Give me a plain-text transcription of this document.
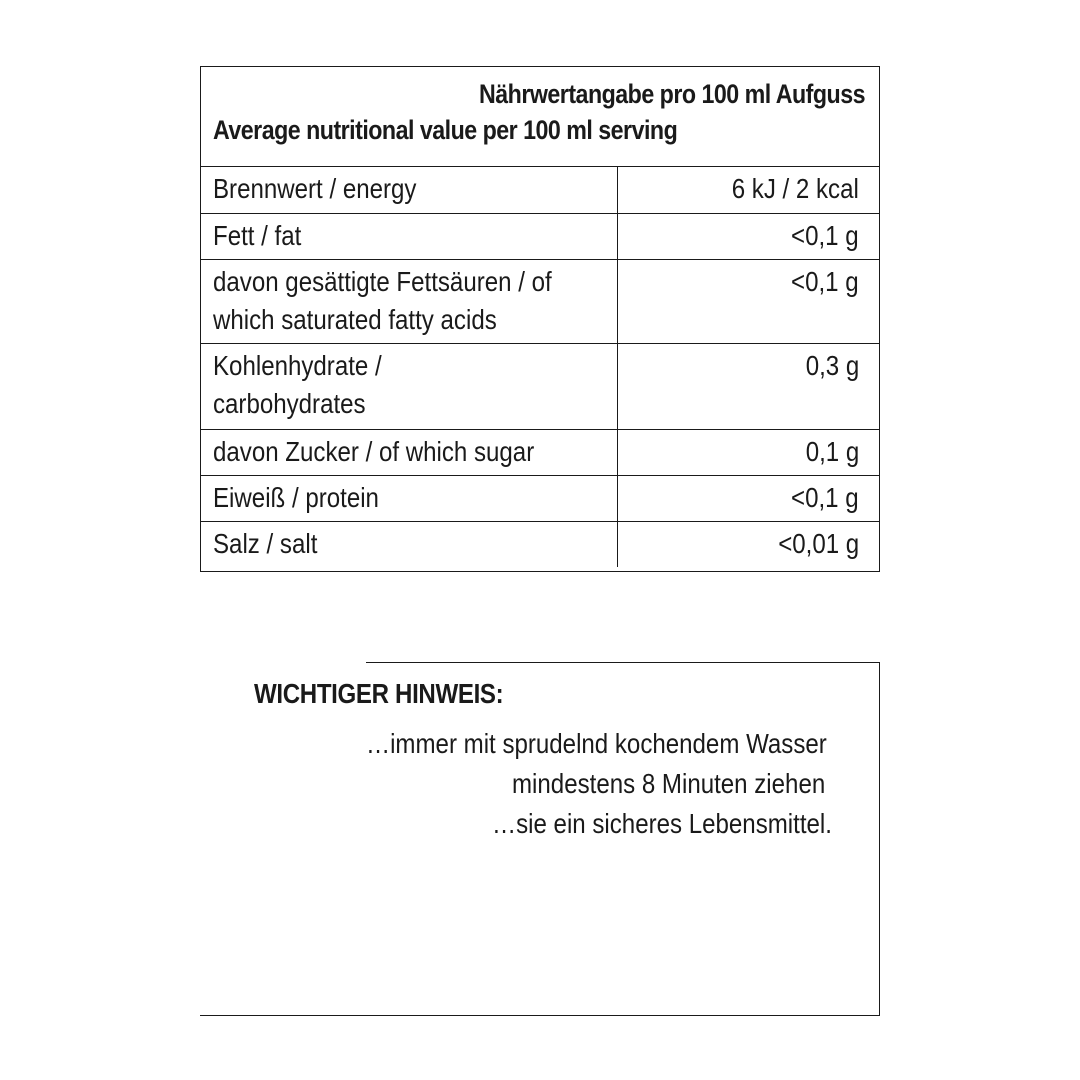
Nährwertangabe pro 100 ml Aufguss
Average nutritional value per 100 ml serving
Brennwert / energy	6 kJ / 2 kcal
Fett / fat	<0,1 g
davon gesättigte Fettsäuren / of which saturated fatty acids	<0,1 g
Kohlenhydrate / carbohydrates	0,3 g
davon Zucker / of which sugar	0,1 g
Eiweiß / protein	<0,1 g
Salz / salt	<0,01 g
WICHTIGER HINWEIS:
…immer mit sprudelnd kochendem Wasser
mindestens 8 Minuten ziehen
…sie ein sicheres Lebensmittel.
